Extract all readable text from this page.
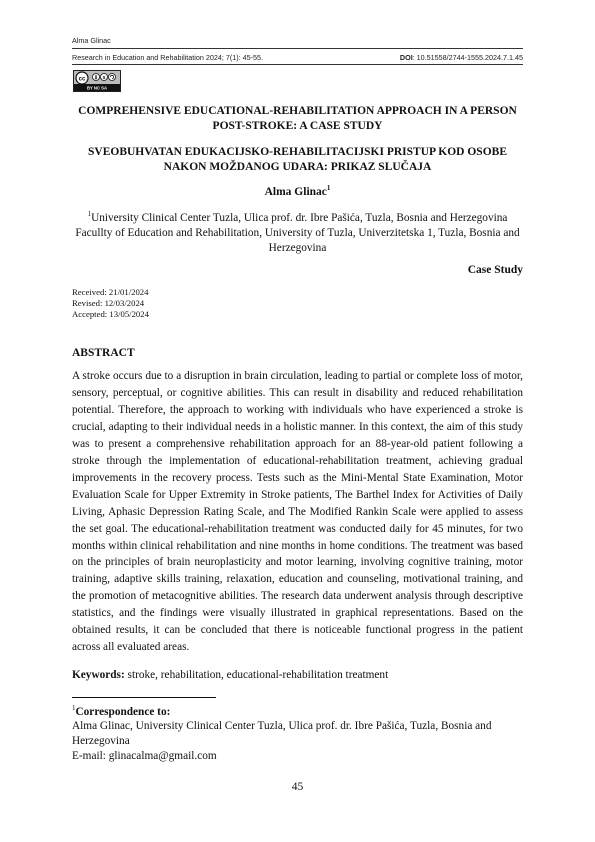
Alma Glinac
Research in Education and Rehabilitation 2024; 7(1): 45-55.	DOI: 10.51558/2744-1555.2024.7.1.45
cc	$
BY NC SA
COMPREHENSIVE EDUCATIONAL-REHABILITATION APPROACH IN A PERSON POST-STROKE: A CASE STUDY
SVEOBUHVATAN EDUKACIJSKO-REHABILITACIJSKI PRISTUP KOD OSOBE NAKON MOŽDANOG UDARA: PRIKAZ SLUČAJA
Alma Glinac$^1$
$^1$University Clinical Center Tuzla, Ulica prof. dr. Ibre Pašića, Tuzla, Bosnia and Herzegovina Facullty of Education and Rehabilitation, University of Tuzla, Univerzitetska 1, Tuzla, Bosnia and Herzegovina
Case Study
Received: 21/01/2024
Revised: 12/03/2024
Accepted: 13/05/2024
ABSTRACT
A stroke occurs due to a disruption in brain circulation, leading to partial or complete loss of motor, sensory, perceptual, or cognitive abilities. This can result in disability and reduced rehabilitation potential. Therefore, the approach to working with individuals who have experienced a stroke is crucial, adapting to their individual needs in a holistic manner. In this context, the aim of this study was to present a comprehensive rehabilitation approach for an 88-year-old patient following a stroke through the implementation of educational-rehabilitation treatment, achieving gradual improvements in the recovery process. Tests such as the Mini-Mental State Examination, Motor Evaluation Scale for Upper Extremity in Stroke patients, The Barthel Index for Activities of Daily Living, Aphasic Depression Rating Scale, and The Modified Rankin Scale were applied to assess the set goal. The educational-rehabilitation treatment was conducted daily for 45 minutes, for two months within clinical rehabilitation and nine months in home conditions. The treatment was based on the principles of brain neuroplasticity and motor learning, involving cognitive training, motor training, adaptive skills training, relaxation, education and counseling, motivational training, and the promotion of metacognitive abilities. The research data underwent analysis through descriptive statistics, and the findings were visually illustrated in graphical representations. Based on the obtained results, it can be concluded that there is noticeable functional progress in the patient across all evaluated areas.
Keywords: stroke, rehabilitation, educational-rehabilitation treatment
$^1$Correspondence to:
Alma Glinac, University Clinical Center Tuzla, Ulica prof. dr. Ibre Pašića, Tuzla, Bosnia and Herzegovina
E-mail: glinacalma@gmail.com
45
